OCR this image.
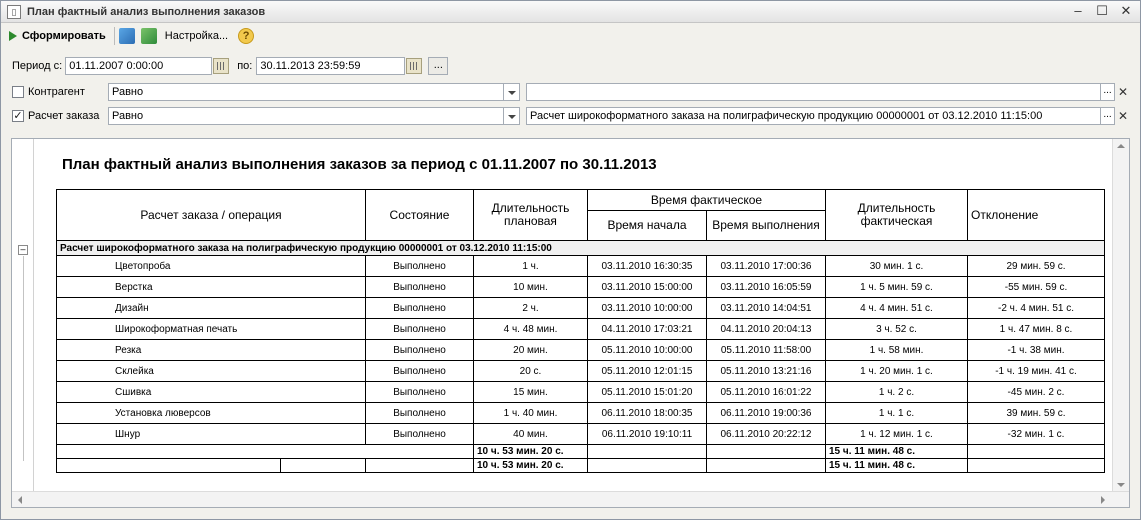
▯ План фактный анализ выполнения заказов	–	☐ ✕
Сформировать	Настройка...	?
Период с: 01.11.2007 0:00:00	по: 30.11.2013 23:59:59	...
Контрагент	Равно	... ✕
✓ Расчет заказа	Равно	Расчет широкоформатного заказа на полиграфическую продукцию 00000001 от 03.12.2010 11:15:00	... ✕
–
План фактный анализ выполнения заказов за период с 01.11.2007 по 30.11.2013
Расчет заказа / операция	Состояние	Длительность плановая	Время фактическое		Длительность фактическая	Отклонение
			Время начала	Время выполнения		
Расчет широкоформатного заказа на полиграфическую продукцию 00000001 от 03.12.2010 11:15:00						
Цветопроба	Выполнено	1 ч.	03.11.2010 16:30:35	03.11.2010 17:00:36	30 мин. 1 с.	29 мин. 59 с.
Верстка	Выполнено	10 мин.	03.11.2010 15:00:00	03.11.2010 16:05:59	1 ч. 5 мин. 59 с.	-55 мин. 59 с.
Дизайн	Выполнено	2 ч.	03.11.2010 10:00:00	03.11.2010 14:04:51	4 ч. 4 мин. 51 с.	-2 ч. 4 мин. 51 с.
Широкоформатная печать	Выполнено	4 ч. 48 мин.	04.11.2010 17:03:21	04.11.2010 20:04:13	3 ч. 52 с.	1 ч. 47 мин. 8 с.
Резка	Выполнено	20 мин.	05.11.2010 10:00:00	05.11.2010 11:58:00	1 ч. 58 мин.	-1 ч. 38 мин.
Склейка	Выполнено	20 с.	05.11.2010 12:01:15	05.11.2010 13:21:16	1 ч. 20 мин. 1 с.	-1 ч. 19 мин. 41 с.
Сшивка	Выполнено	15 мин.	05.11.2010 15:01:20	05.11.2010 16:01:22	1 ч. 2 с.	-45 мин. 2 с.
Установка люверсов	Выполнено	1 ч. 40 мин.	06.11.2010 18:00:35	06.11.2010 19:00:36	1 ч. 1 с.	39 мин. 59 с.
Шнур	Выполнено	40 мин.	06.11.2010 19:10:11	06.11.2010 20:22:12	1 ч. 12 мин. 1 с.	-32 мин. 1 с.
		10 ч. 53 мин. 20 с.			15 ч. 11 мин. 48 с.	

		10 ч. 53 мин. 20 с.			15 ч. 11 мин. 48 с.	
